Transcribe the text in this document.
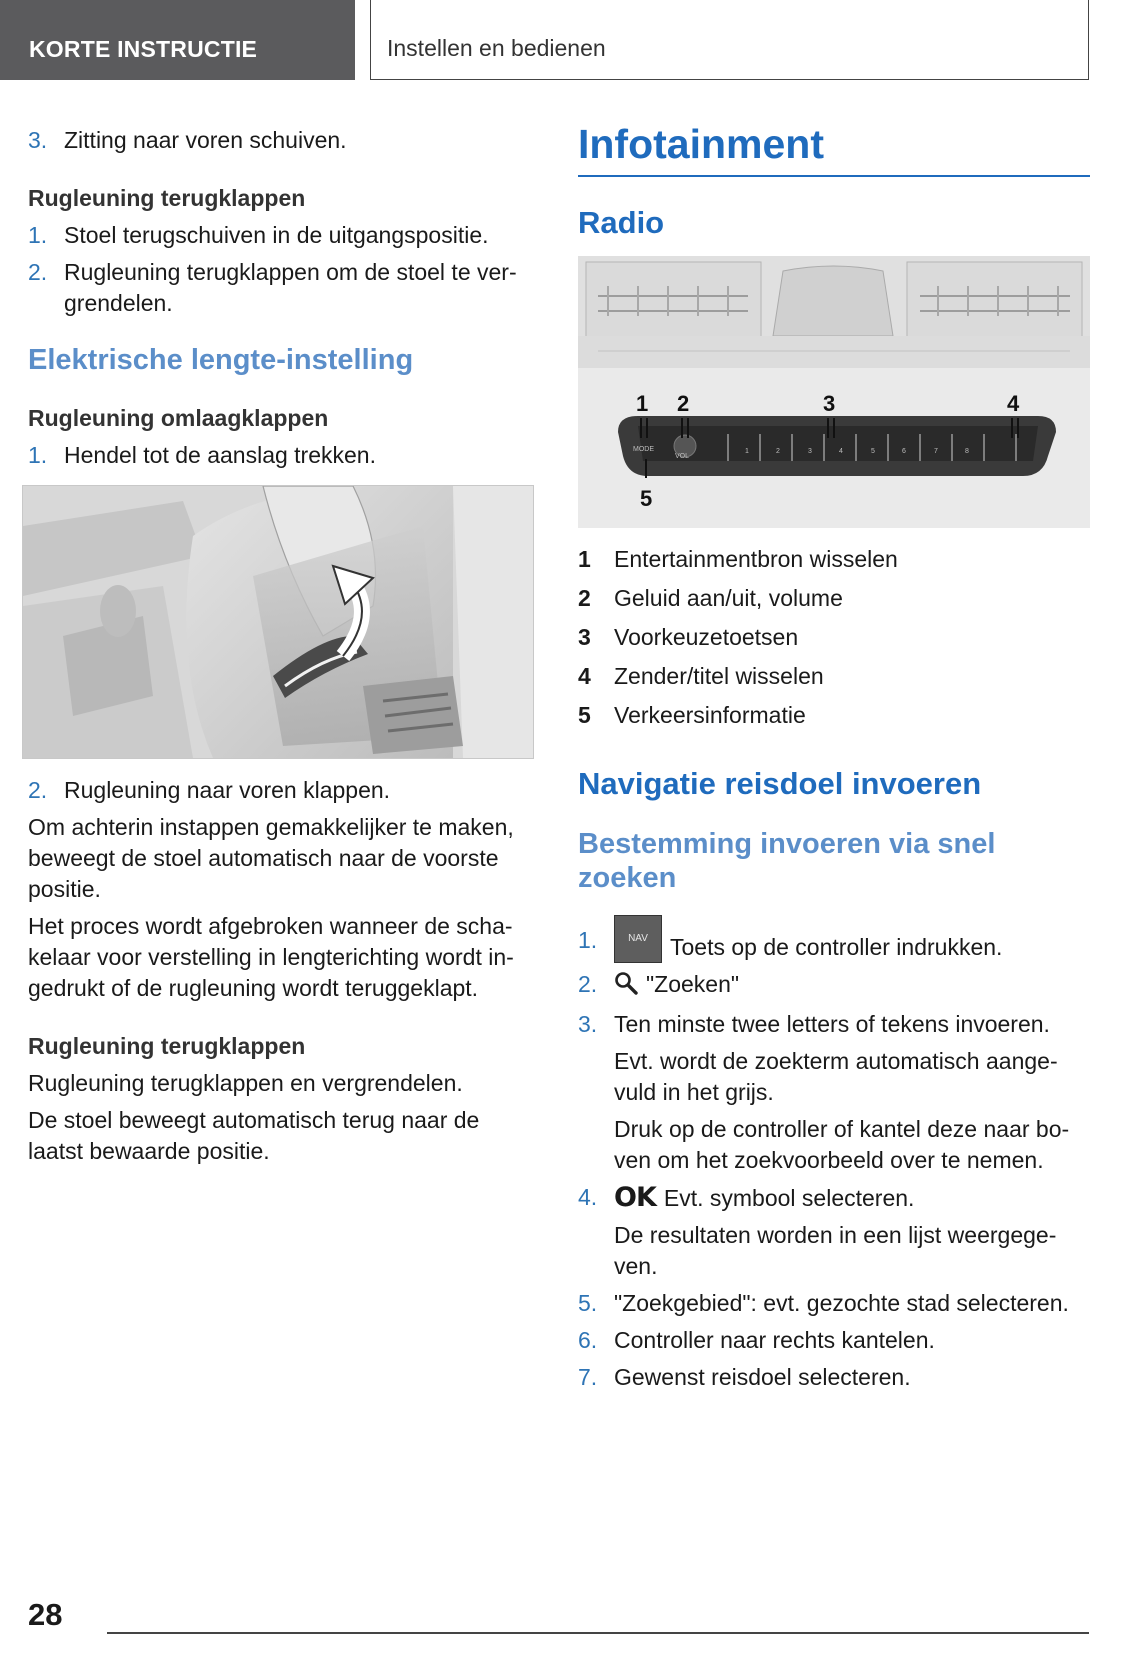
KORTE INSTRUCTIE	Instellen en bedienen
3. Zitting naar voren schuiven.
Rugleuning terugklappen
1. Stoel terugschuiven in de uitgangspositie.
2. Rugleuning terugklappen om de stoel te ver-grendelen.
Elektrische lengte-instelling
Rugleuning omlaagklappen
1. Hendel tot de aanslag trekken.
2. Rugleuning naar voren klappen.

Om achterin instappen gemakkelijker te maken, beweegt de stoel automatisch naar de voorste positie.

Het proces wordt afgebroken wanneer de scha-kelaar voor verstelling in lengterichting wordt in-gedrukt of de rugleuning wordt teruggeklapt.

Rugleuning terugklappen

Rugleuning terugklappen en vergrendelen.

De stoel beweegt automatisch terug naar de laatst bewaarde positie.

Infotainment
Radio
MODE
VOL
1	2	3	4	5	6	7	8
1 2	3	4
5
1 Entertainmentbron wisselen
2 Geluid aan/uit, volume
3 Voorkeuzetoetsen
4 Zender/titel wisselen
5 Verkeersinformatie
Navigatie reisdoel invoeren
Bestemming invoeren via snel zoeken
1.	NAV Toets op de controller indrukken.
2.	"Zoeken"
3. Ten minste twee letters of tekens invoeren.

Evt. wordt de zoekterm automatisch aange-vuld in het grijs.

Druk op de controller of kantel deze naar bo-ven om het zoekvoorbeeld over te nemen.

4. OK Evt. symbool selecteren.

De resultaten worden in een lijst weergege-ven.

5. "Zoekgebied": evt. gezochte stad selecteren.
6. Controller naar rechts kantelen.
7. Gewenst reisdoel selecteren.
28
